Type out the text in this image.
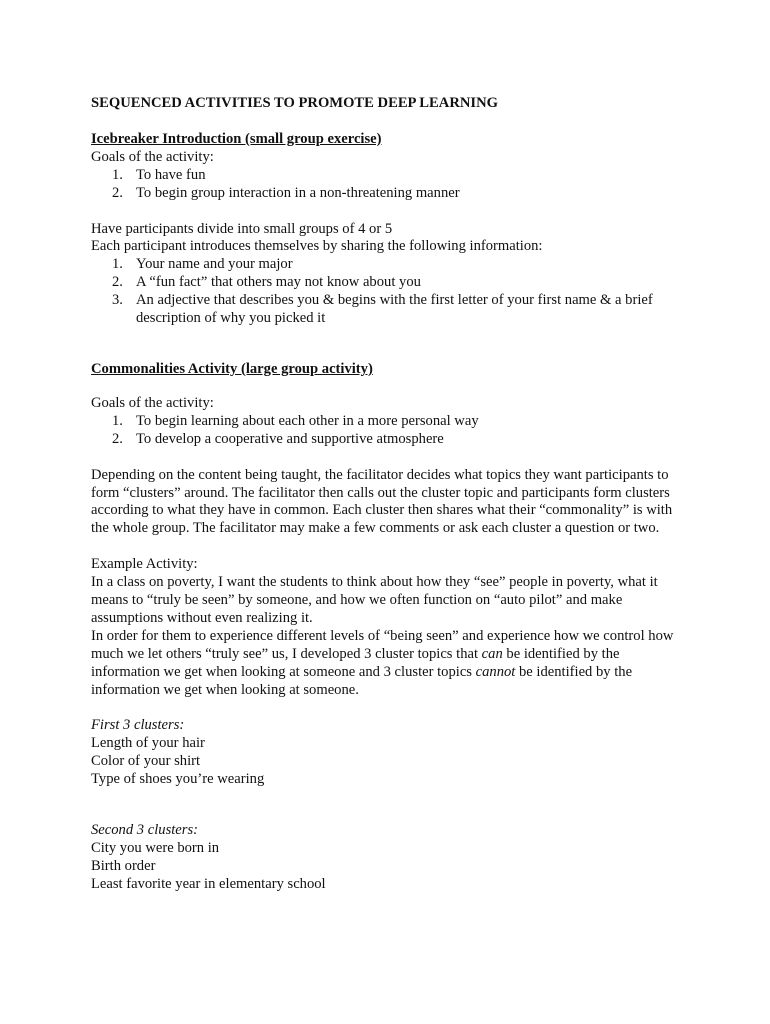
SEQUENCED ACTIVITIES TO PROMOTE DEEP LEARNING

Icebreaker Introduction (small group exercise)

Goals of the activity:

1. To have fun
2. To begin group interaction in a non-threatening manner

Have participants divide into small groups of 4 or 5

Each participant introduces themselves by sharing the following information:

1. Your name and your major
2. A “fun fact” that others may not know about you
3. An adjective that describes you & begins with the first letter of your first name & a brief description of why you picked it

Commonalities Activity (large group activity)

Goals of the activity:

1. To begin learning about each other in a more personal way
2. To develop a cooperative and supportive atmosphere

Depending on the content being taught, the facilitator decides what topics they want participants to form “clusters” around. The facilitator then calls out the cluster topic and participants form clusters according to what they have in common. Each cluster then shares what their “commonality” is with the whole group. The facilitator may make a few comments or ask each cluster a question or two.

Example Activity:

In a class on poverty, I want the students to think about how they “see” people in poverty, what it means to “truly be seen” by someone, and how we often function on “auto pilot” and make assumptions without even realizing it.

In order for them to experience different levels of “being seen” and experience how we control how much we let others “truly see” us, I developed 3 cluster topics that can be identified by the information we get when looking at someone and 3 cluster topics cannot be identified by the information we get when looking at someone.

First 3 clusters:

Length of your hair

Color of your shirt

Type of shoes you’re wearing

Second 3 clusters:

City you were born in

Birth order

Least favorite year in elementary school
